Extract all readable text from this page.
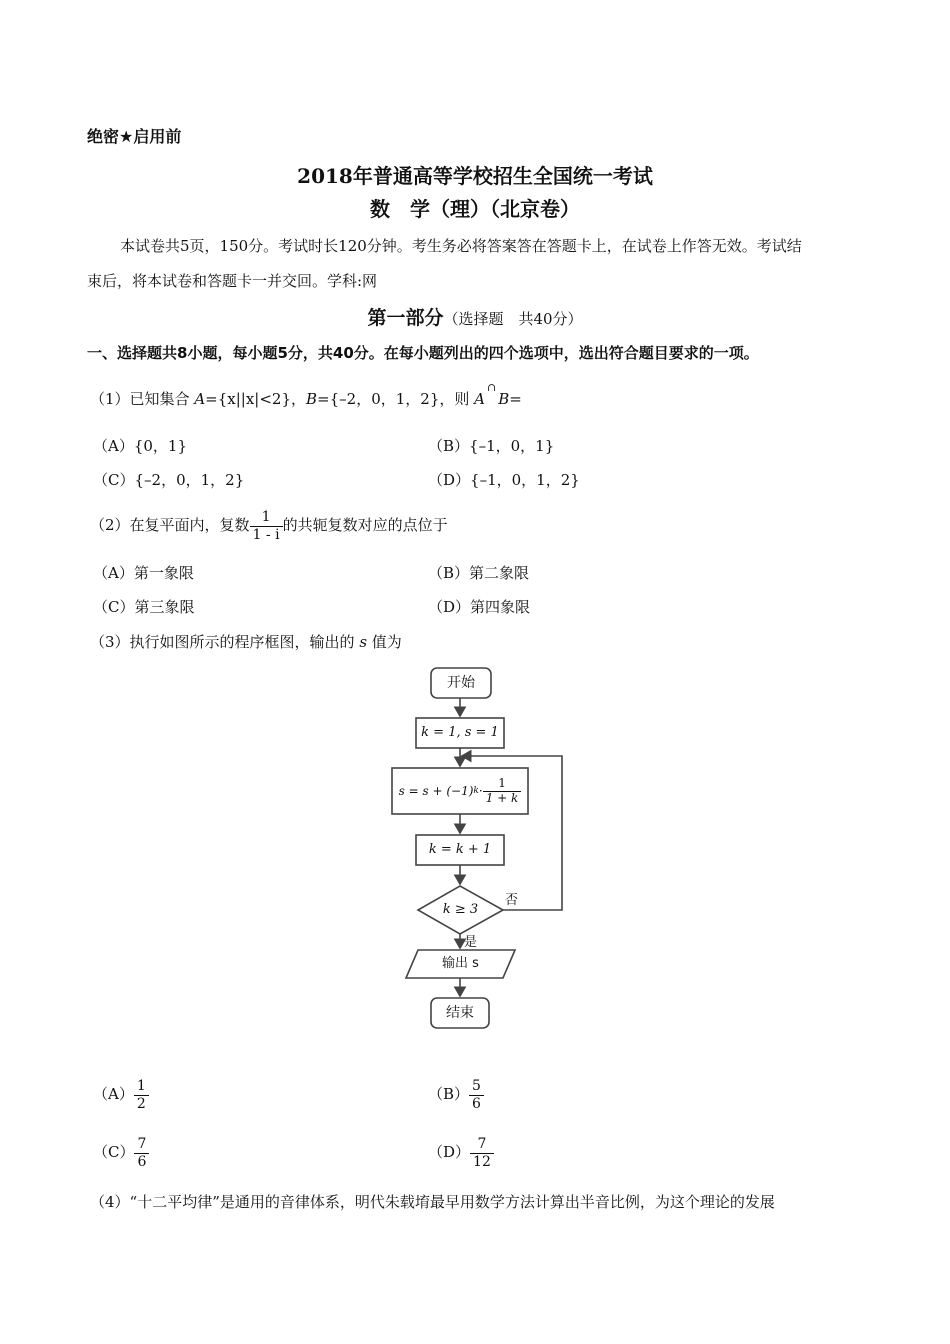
绝密★启用前
2018年普通高等学校招生全国统一考试
数　学（理）（北京卷）
本试卷共5页，150分。考试时长120分钟。考生务必将答案答在答题卡上，在试卷上作答无效。考试结
束后，将本试卷和答题卡一并交回。学科:网
第一部分（选择题　共40分）
一、选择题共8小题，每小题5分，共40分。在每小题列出的四个选项中，选出符合题目要求的一项。
（1）已知集合 A={x||x|<2}，B={–2，0，1，2}，则 A∩B=
（A）{0，1}	（B）{–1，0，1}
（C）{–2，0，1，2}	（D）{–1，0，1，2}
（2）在复平面内，复数 $\frac{1}{1 - i}$ 的共轭复数对应的点位于
（A）第一象限	（B）第二象限
（C）第三象限	（D）第四象限
（3）执行如图所示的程序框图，输出的 s 值为
开始
k = 1, s = 1
s = s + (−1) $k \cdot \frac{1}{1 + k}$
k = k + 1
k ≥ 3
否
是
输出 s
结束
$(A) \frac{1}{2}$	$(B) \frac{5}{6}$
$(C) \frac{7}{6}$	$(D) \frac{7}{12}$
（4）“十二平均律”是通用的音律体系，明代朱载堉最早用数学方法计算出半音比例，为这个理论的发展
